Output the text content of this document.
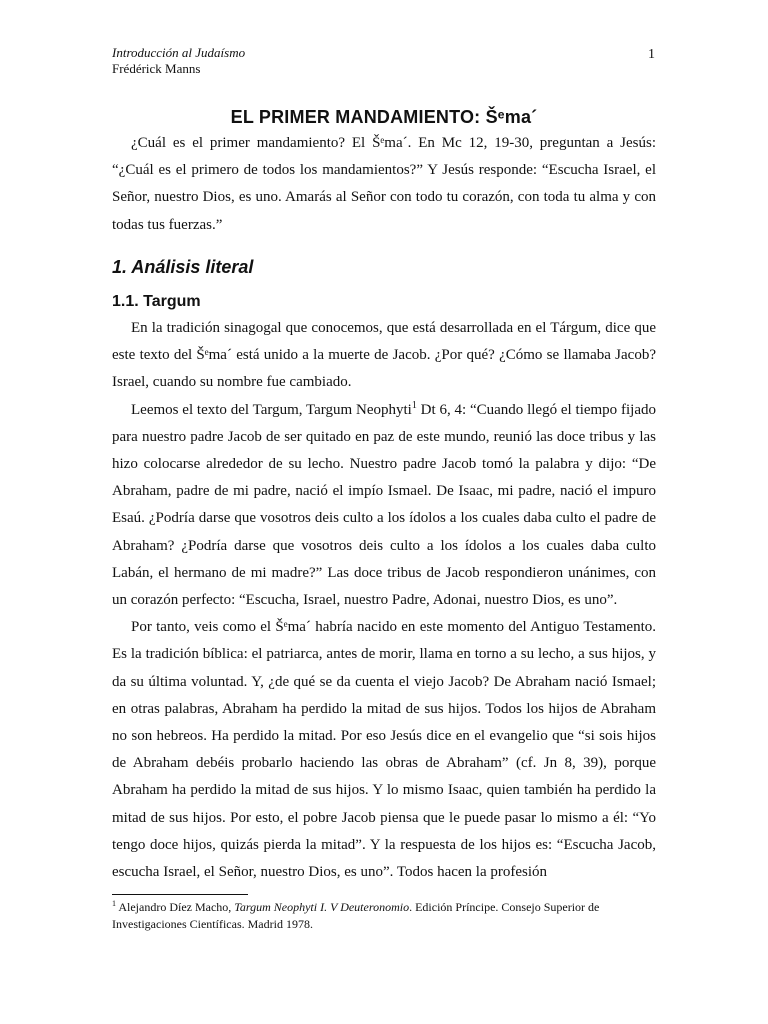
Introducción al Judaísmo
Frédérick Manns
1
EL PRIMER MANDAMIENTO: Šᵉma´

¿Cuál es el primer mandamiento? El Šᵉma´. En Mc 12, 19-30, preguntan a Jesús: “¿Cuál es el primero de todos los mandamientos?” Y Jesús responde: “Escucha Israel, el Señor, nuestro Dios, es uno. Amarás al Señor con todo tu corazón, con toda tu alma y con todas tus fuerzas.”

1. Análisis literal
1.1. Targum

En la tradición sinagogal que conocemos, que está desarrollada en el Tárgum, dice que este texto del Šᵉma´ está unido a la muerte de Jacob. ¿Por qué? ¿Cómo se llamaba Jacob? Israel, cuando su nombre fue cambiado.

Leemos el texto del Targum, Targum Neophyti$^1$ Dt 6, 4: “Cuando llegó el tiempo fijado para nuestro padre Jacob de ser quitado en paz de este mundo, reunió las doce tribus y las hizo colocarse alrededor de su lecho. Nuestro padre Jacob tomó la palabra y dijo: “De Abraham, padre de mi padre, nació el impío Ismael. De Isaac, mi padre, nació el impuro Esaú. ¿Podría darse que vosotros deis culto a los ídolos a los cuales daba culto el padre de Abraham? ¿Podría darse que vosotros deis culto a los ídolos a los cuales daba culto Labán, el hermano de mi madre?” Las doce tribus de Jacob respondieron unánimes, con un corazón perfecto: “Escucha, Israel, nuestro Padre, Adonai, nuestro Dios, es uno”.

Por tanto, veis como el Šᵉma´ habría nacido en este momento del Antiguo Testamento. Es la tradición bíblica: el patriarca, antes de morir, llama en torno a su lecho, a sus hijos, y da su última voluntad. Y, ¿de qué se da cuenta el viejo Jacob? De Abraham nació Ismael; en otras palabras, Abraham ha perdido la mitad de sus hijos. Todos los hijos de Abraham no son hebreos. Ha perdido la mitad. Por eso Jesús dice en el evangelio que “si sois hijos de Abraham debéis probarlo haciendo las obras de Abraham” (cf. Jn 8, 39), porque Abraham ha perdido la mitad de sus hijos. Y lo mismo Isaac, quien también ha perdido la mitad de sus hijos. Por esto, el pobre Jacob piensa que le puede pasar lo mismo a él: “Yo tengo doce hijos, quizás pierda la mitad”. Y la respuesta de los hijos es: “Escucha Jacob, escucha Israel, el Señor, nuestro Dios, es uno”. Todos hacen la profesión

$^1$ Alejandro Díez Macho, Targum Neophyti I. V Deuteronomio. Edición Príncipe. Consejo Superior de Investigaciones Científicas. Madrid 1978.
